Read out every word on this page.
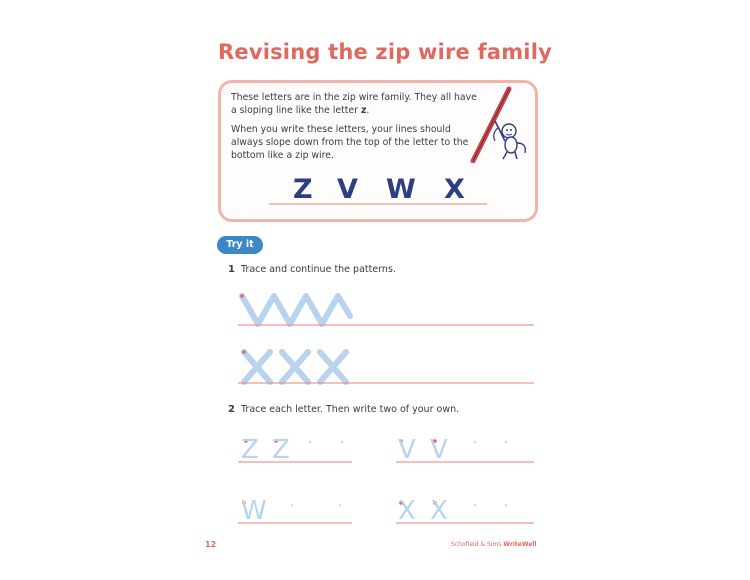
Revising the zip wire family

These letters are in the zip wire family. They all have a sloping line like the letter z.

When you write these letters, your lines should always slope down from the top of the letter to the bottom like a zip wire.

Z V W X
Try it
1 Trace and continue the patterns.
2 Trace each letter. Then write two of your own.
Z Z	V V
W	X X
12	Schofield & Sims WriteWell
